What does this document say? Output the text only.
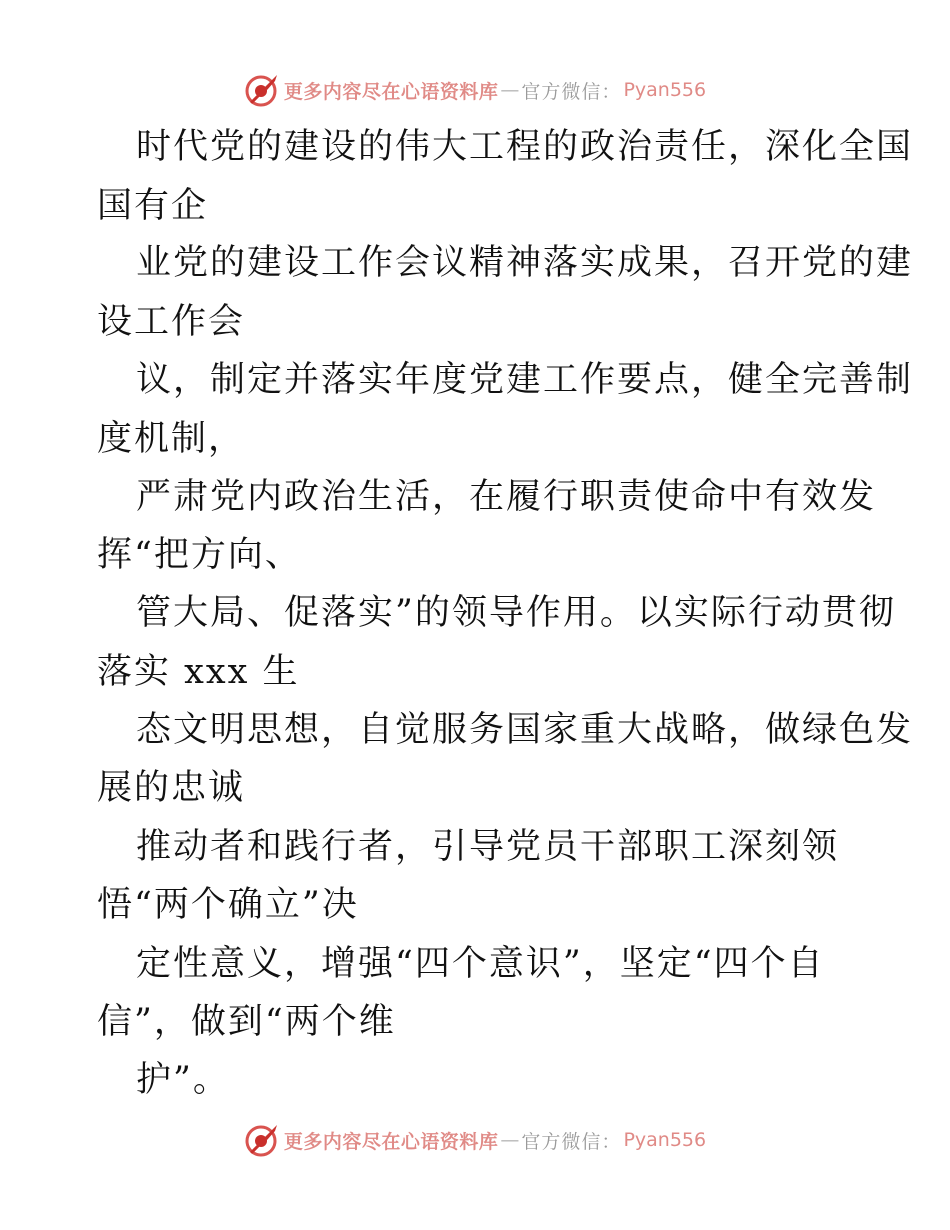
更多内容尽在心语资料库 — 官方微信： Pyan556
时代党的建设的伟大工程的政治责任，深化全国
国有企
业党的建设工作会议精神落实成果，召开党的建
设工作会
议，制定并落实年度党建工作要点，健全完善制
度机制，
严肃党内政治生活，在履行职责使命中有效发
挥“把方向、
管大局、促落实”的领导作用。以实际行动贯彻
落实 xxx 生
态文明思想，自觉服务国家重大战略，做绿色发
展的忠诚
推动者和践行者，引导党员干部职工深刻领
悟“两个确立”决
定性意义，增强“四个意识”，坚定“四个自
信”，做到“两个维
护”。
更多内容尽在心语资料库 — 官方微信： Pyan556
